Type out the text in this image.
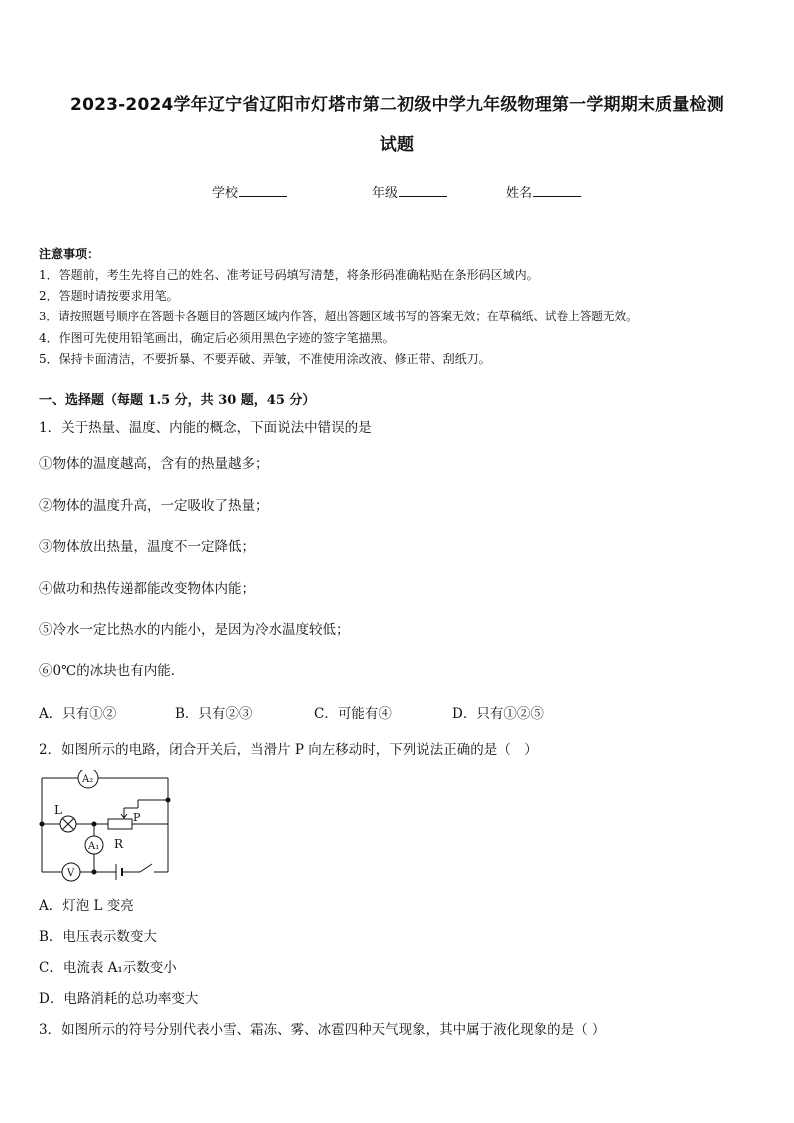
2023-2024学年辽宁省辽阳市灯塔市第二初级中学九年级物理第一学期期末质量检测
试题
学校	年级	姓名
注意事项：
1．答题前，考生先将自己的姓名、准考证号码填写清楚，将条形码准确粘贴在条形码区域内。
2．答题时请按要求用笔。
3．请按照题号顺序在答题卡各题目的答题区域内作答，超出答题区域书写的答案无效；在草稿纸、试卷上答题无效。
4．作图可先使用铅笔画出，确定后必须用黑色字迹的签字笔描黑。
5．保持卡面清洁，不要折暴、不要弄破、弄皱，不准使用涂改液、修正带、刮纸刀。
一、选择题（每题 1.5 分，共 30 题，45 分）
1．关于热量、温度、内能的概念，下面说法中错误的是
①物体的温度越高，含有的热量越多；
②物体的温度升高，一定吸收了热量；
③物体放出热量，温度不一定降低；
④做功和热传递都能改变物体内能；
⑤冷水一定比热水的内能小，是因为冷水温度较低；
⑥0℃的冰块也有内能．
A．只有①②	B．只有②③	C．可能有④	D．只有①②⑤
2．如图所示的电路，闭合开关后，当滑片 P 向左移动时，下列说法正确的是（　）
A₂
L
P
A₁ R
V
A．灯泡 L 变亮
B．电压表示数变大
C．电流表 A₁示数变小
D．电路消耗的总功率变大
3．如图所示的符号分别代表小雪、霜冻、雾、冰雹四种天气现象，其中属于液化现象的是（ ）
